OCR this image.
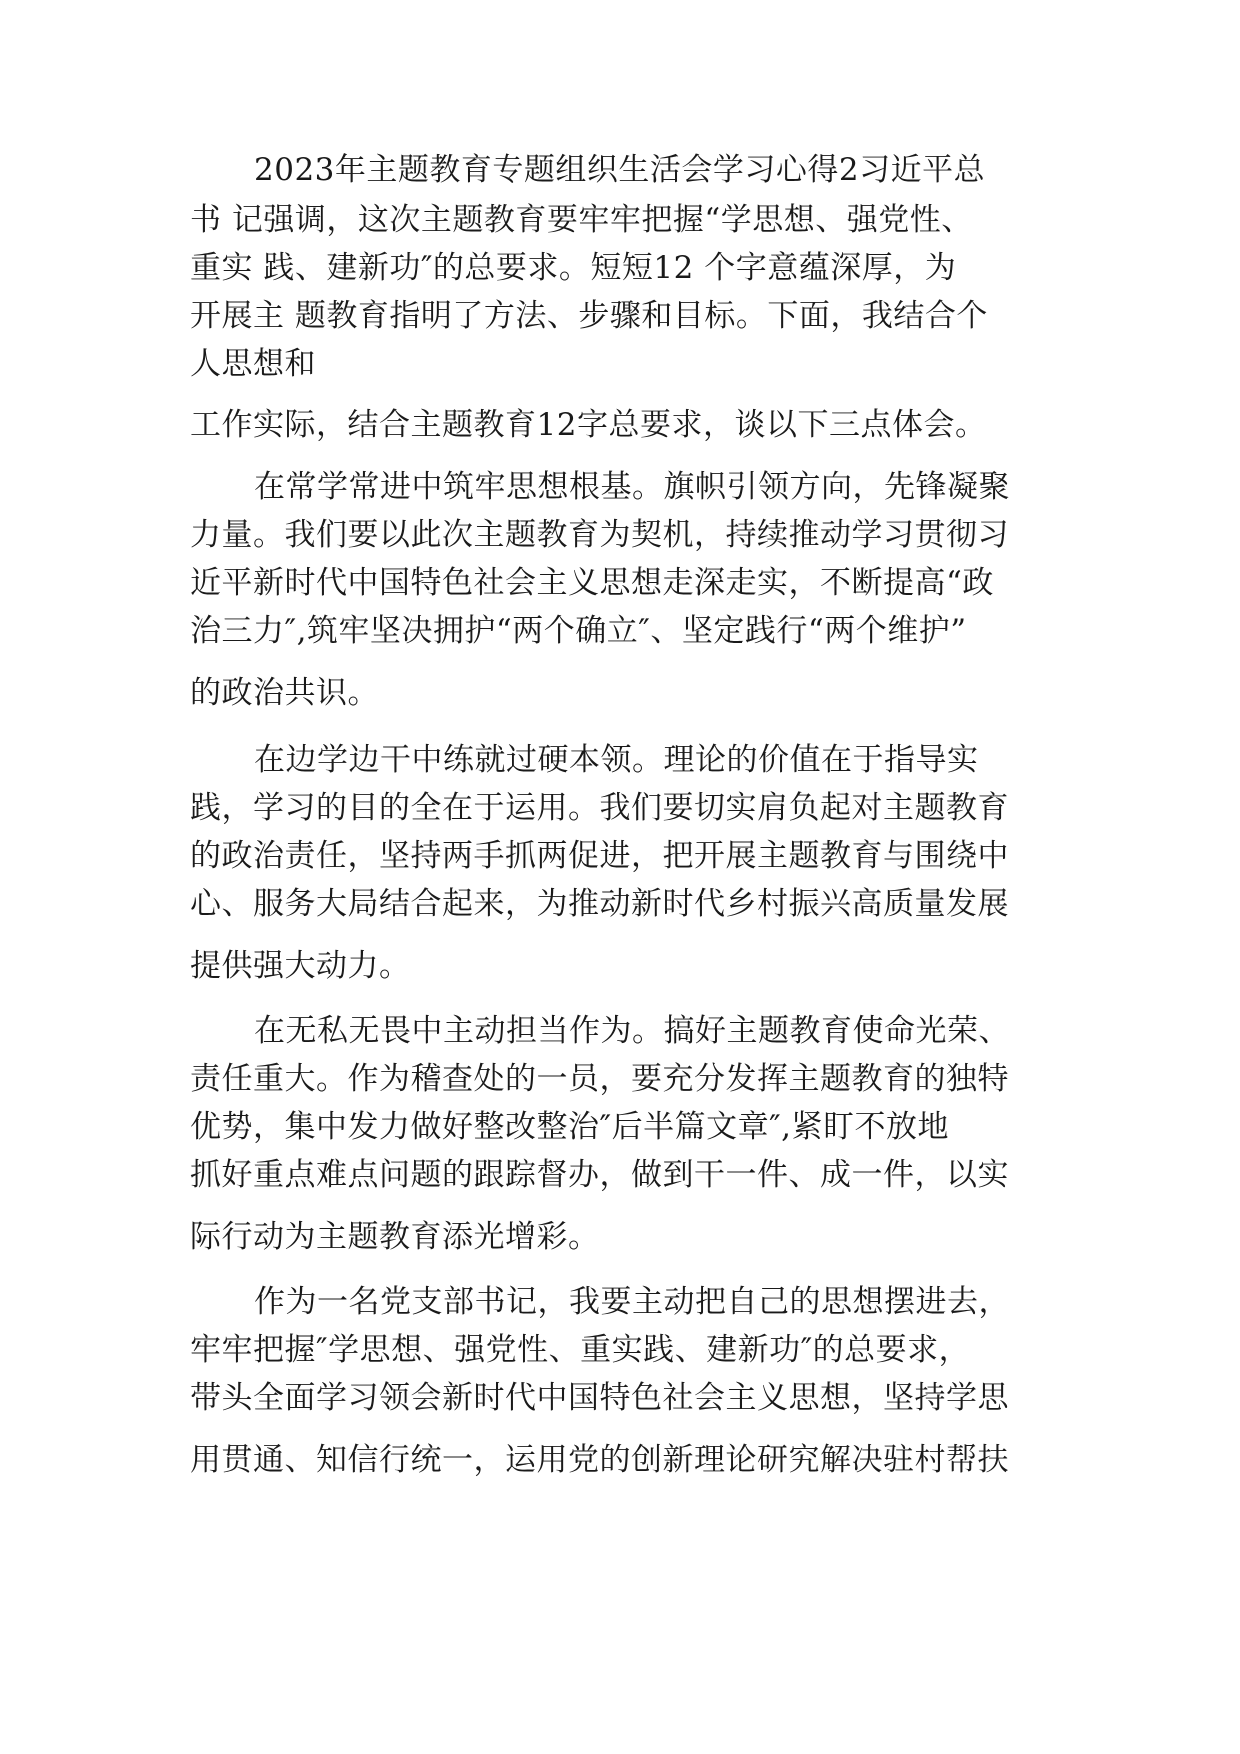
2023年主题教育专题组织生活会学习心得2习近平总
书 记强调，这次主题教育要牢牢把握“学思想、强党性、
重实 践、建新功″的总要求。短短12 个字意蕴深厚，为
开展主 题教育指明了方法、步骤和目标。下面，我结合个
人思想和
工作实际，结合主题教育12字总要求，谈以下三点体会。
在常学常进中筑牢思想根基。旗帜引领方向，先锋凝聚
力量。我们要以此次主题教育为契机，持续推动学习贯彻习
近平新时代中国特色社会主义思想走深走实，不断提高“政
治三力″,筑牢坚决拥护“两个确立″、坚定践行“两个维护”
的政治共识。
在边学边干中练就过硬本领。理论的价值在于指导实
践，学习的目的全在于运用。我们要切实肩负起对主题教育
的政治责任，坚持两手抓两促进，把开展主题教育与围绕中
心、服务大局结合起来，为推动新时代乡村振兴高质量发展
提供强大动力。
在无私无畏中主动担当作为。搞好主题教育使命光荣、
责任重大。作为稽查处的一员，要充分发挥主题教育的独特
优势，集中发力做好整改整治″后半篇文章″,紧盯不放地
抓好重点难点问题的跟踪督办，做到干一件、成一件，以实
际行动为主题教育添光增彩。
作为一名党支部书记，我要主动把自己的思想摆进去，
牢牢把握″学思想、强党性、重实践、建新功″的总要求，
带头全面学习领会新时代中国特色社会主义思想，坚持学思
用贯通、知信行统一，运用党的创新理论研究解决驻村帮扶
